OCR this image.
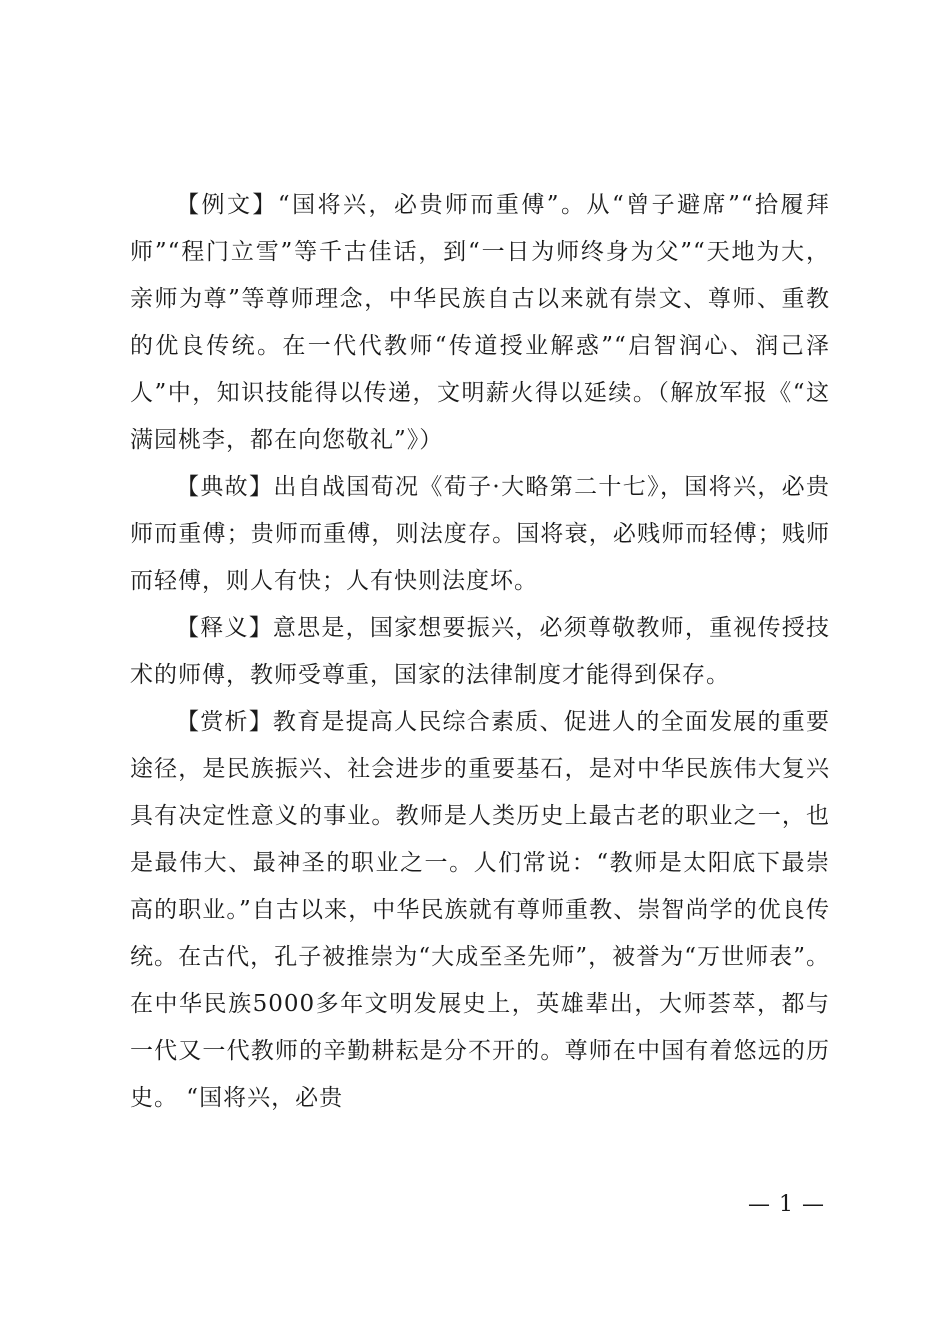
【例文】“国将兴，必贵师而重傅”。从“曾子避席”“拾履拜师”“程门立雪”等千古佳话，到“一日为师终身为父”“天地为大，亲师为尊”等尊师理念，中华民族自古以来就有崇文、尊师、重教的优良传统。在一代代教师“传道授业解惑”“启智润心、润己泽人”中，知识技能得以传递，文明薪火得以延续。（解放军报《“这满园桃李，都在向您敬礼”》）

【典故】出自战国荀况《荀子·大略第二十七》，国将兴，必贵师而重傅；贵师而重傅，则法度存。国将衰，必贱师而轻傅；贱师而轻傅，则人有快；人有快则法度坏。

【释义】意思是，国家想要振兴，必须尊敬教师，重视传授技术的师傅，教师受尊重，国家的法律制度才能得到保存。

【赏析】教育是提高人民综合素质、促进人的全面发展的重要途径，是民族振兴、社会进步的重要基石，是对中华民族伟大复兴具有决定性意义的事业。教师是人类历史上最古老的职业之一，也是最伟大、最神圣的职业之一。人们常说：“教师是太阳底下最崇高的职业。”自古以来，中华民族就有尊师重教、崇智尚学的优良传统。在古代，孔子被推崇为“大成至圣先师”，被誉为“万世师表”。在中华民族5000多年文明发展史上，英雄辈出，大师荟萃，都与一代又一代教师的辛勤耕耘是分不开的。尊师在中国有着悠远的历史。 “国将兴，必贵

— 1 —
